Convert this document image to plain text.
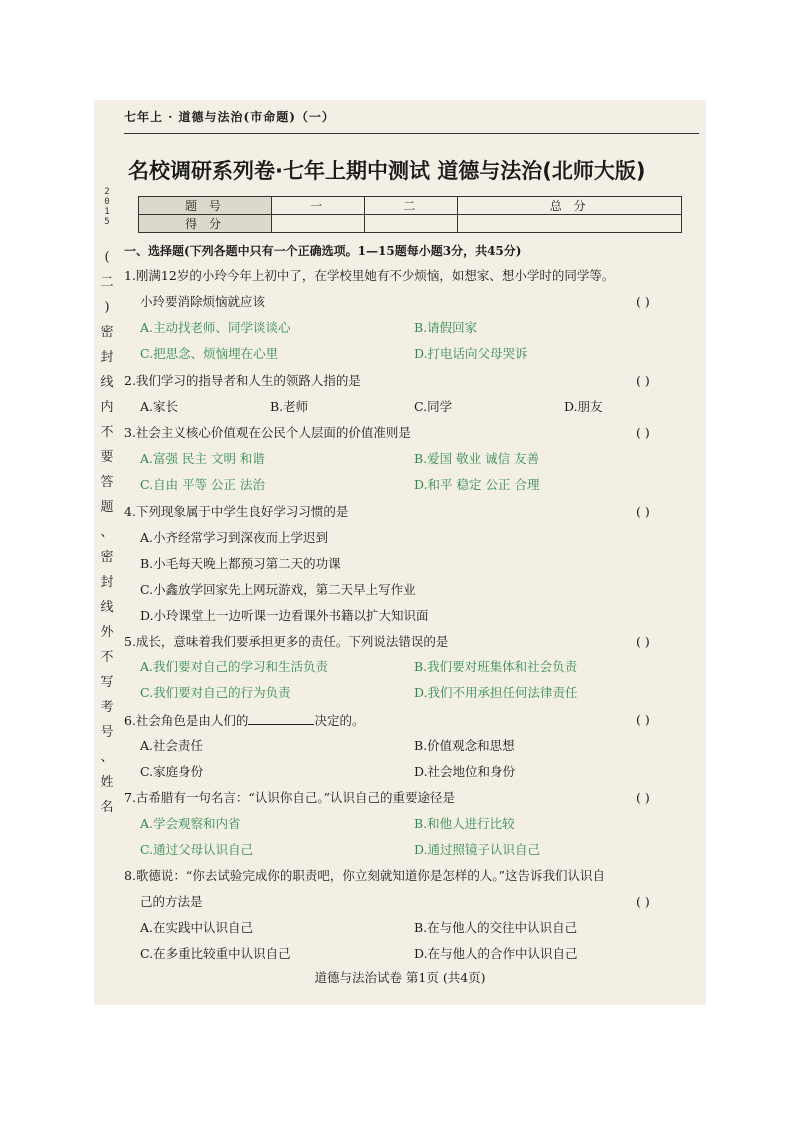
2
0
1
5
(
二
)
密
封
线
内
不
要
答
题
、
密
封
线
外
不
写
考
号
、
姓
名
七年上 · 道德与法治(市命题)（一）
名校调研系列卷·七年上期中测试 道德与法治(北师大版)
题 号	一	二	总 分
得 分			
一、选择题(下列各题中只有一个正确选项。1—15题每小题3分，共45分)
1.刚满12岁的小玲今年上初中了，在学校里她有不少烦恼，如想家、想小学时的同学等。
小玲要消除烦恼就应该	( )
A.主动找老师、同学谈谈心	B.请假回家
C.把思念、烦恼埋在心里	D.打电话向父母哭诉
2.我们学习的指导者和人生的领路人指的是	( )
A.家长	B.老师	C.同学	D.朋友
3.社会主义核心价值观在公民个人层面的价值准则是	( )
A.富强 民主 文明 和谐	B.爱国 敬业 诚信 友善
C.自由 平等 公正 法治	D.和平 稳定 公正 合理
4.下列现象属于中学生良好学习习惯的是	( )
A.小齐经常学习到深夜而上学迟到
B.小毛每天晚上都预习第二天的功课
C.小鑫放学回家先上网玩游戏，第二天早上写作业
D.小玲课堂上一边听课一边看课外书籍以扩大知识面
5.成长，意味着我们要承担更多的责任。下列说法错误的是	( )
A.我们要对自己的学习和生活负责	B.我们要对班集体和社会负责
C.我们要对自己的行为负责	D.我们不用承担任何法律责任
6.社会角色是由人们的	决定的。	( )
A.社会责任	B.价值观念和思想
C.家庭身份	D.社会地位和身份
7.古希腊有一句名言：“认识你自己。”认识自己的重要途径是	( )
A.学会观察和内省	B.和他人进行比较
C.通过父母认识自己	D.通过照镜子认识自己
8.歌德说：“你去试验完成你的职责吧，你立刻就知道你是怎样的人。”这告诉我们认识自
己的方法是	( )
A.在实践中认识自己	B.在与他人的交往中认识自己
C.在多重比较重中认识自己	D.在与他人的合作中认识自己
道德与法治试卷 第1页 (共4页)
